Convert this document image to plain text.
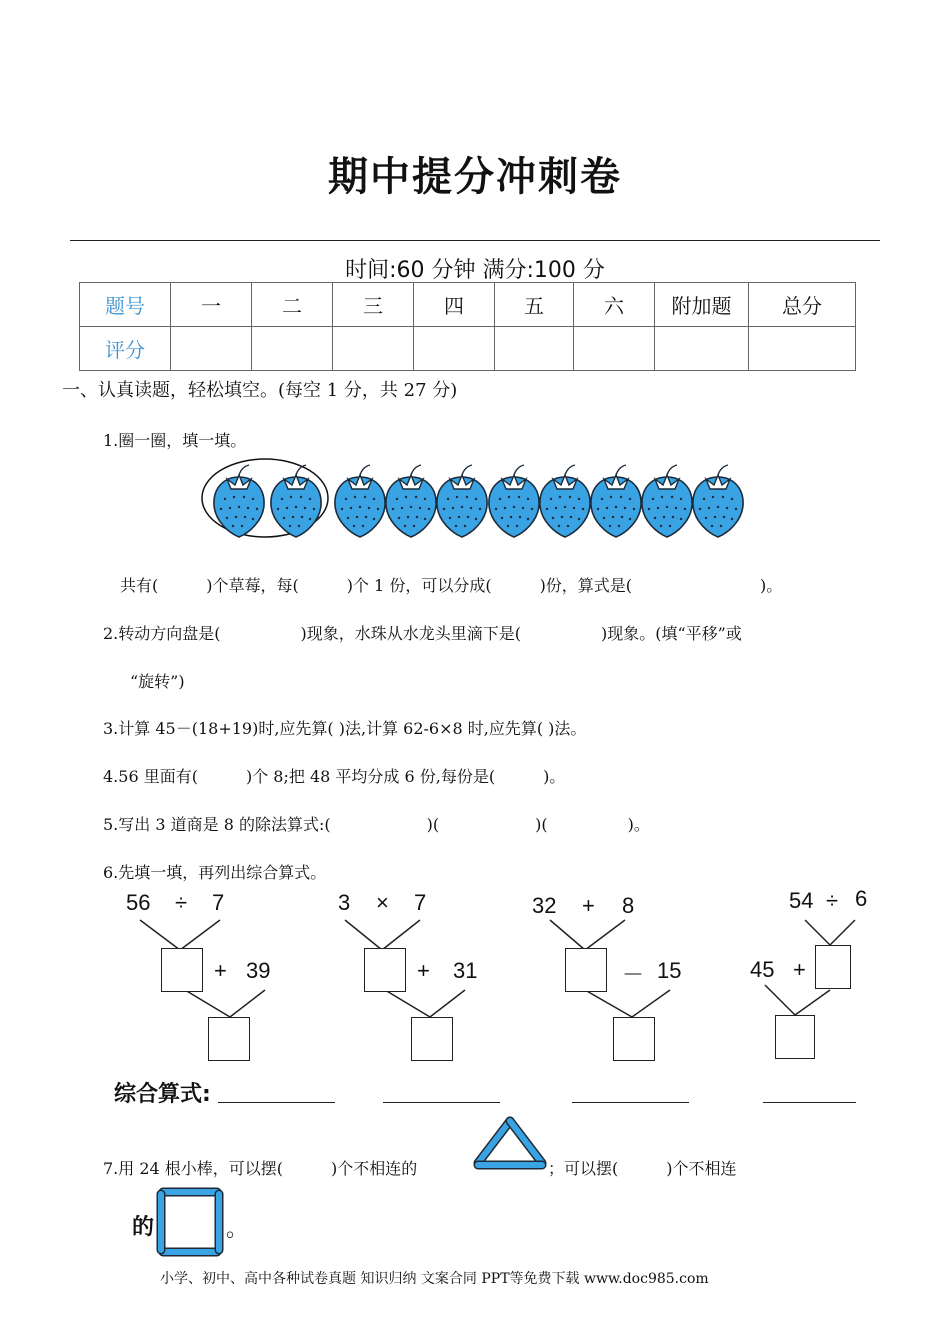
期中提分冲刺卷
时间:60 分钟 满分:100 分
题号	一	二	三	四	五	六	附加题	总分
评分								
一、认真读题，轻松填空。(每空 1 分，共 27 分)
1.圈一圈，填一填。
共有(　　　)个草莓，每(　　　)个 1 份，可以分成(　　　)份，算式是(　　　　　　　　)。
2.转动方向盘是(　　　　　)现象，水珠从水龙头里滴下是(　　　　　)现象。(填“平移”或
“旋转”)
3.计算 45－(18+19)时,应先算( )法,计算 62-6×8 时,应先算( )法。
4.56 里面有(　　　)个 8;把 48 平均分成 6 份,每份是(　　　)。
5.写出 3 道商是 8 的除法算式:(　　　　　　)(　　　　　　)(　　　　　)。
6.先填一填，再列出综合算式。
56 ÷ 7
+ 39
3 × 7
+ 31
32 + 8
－ 15
54 ÷ 6
45 +
综合算式:
7.用 24 根小棒，可以摆(　　　)个不相连的	；可以摆(　　　)个不相连
的	。
小学、初中、高中各种试卷真题 知识归纳 文案合同 PPT等免费下载 www.doc985.com
